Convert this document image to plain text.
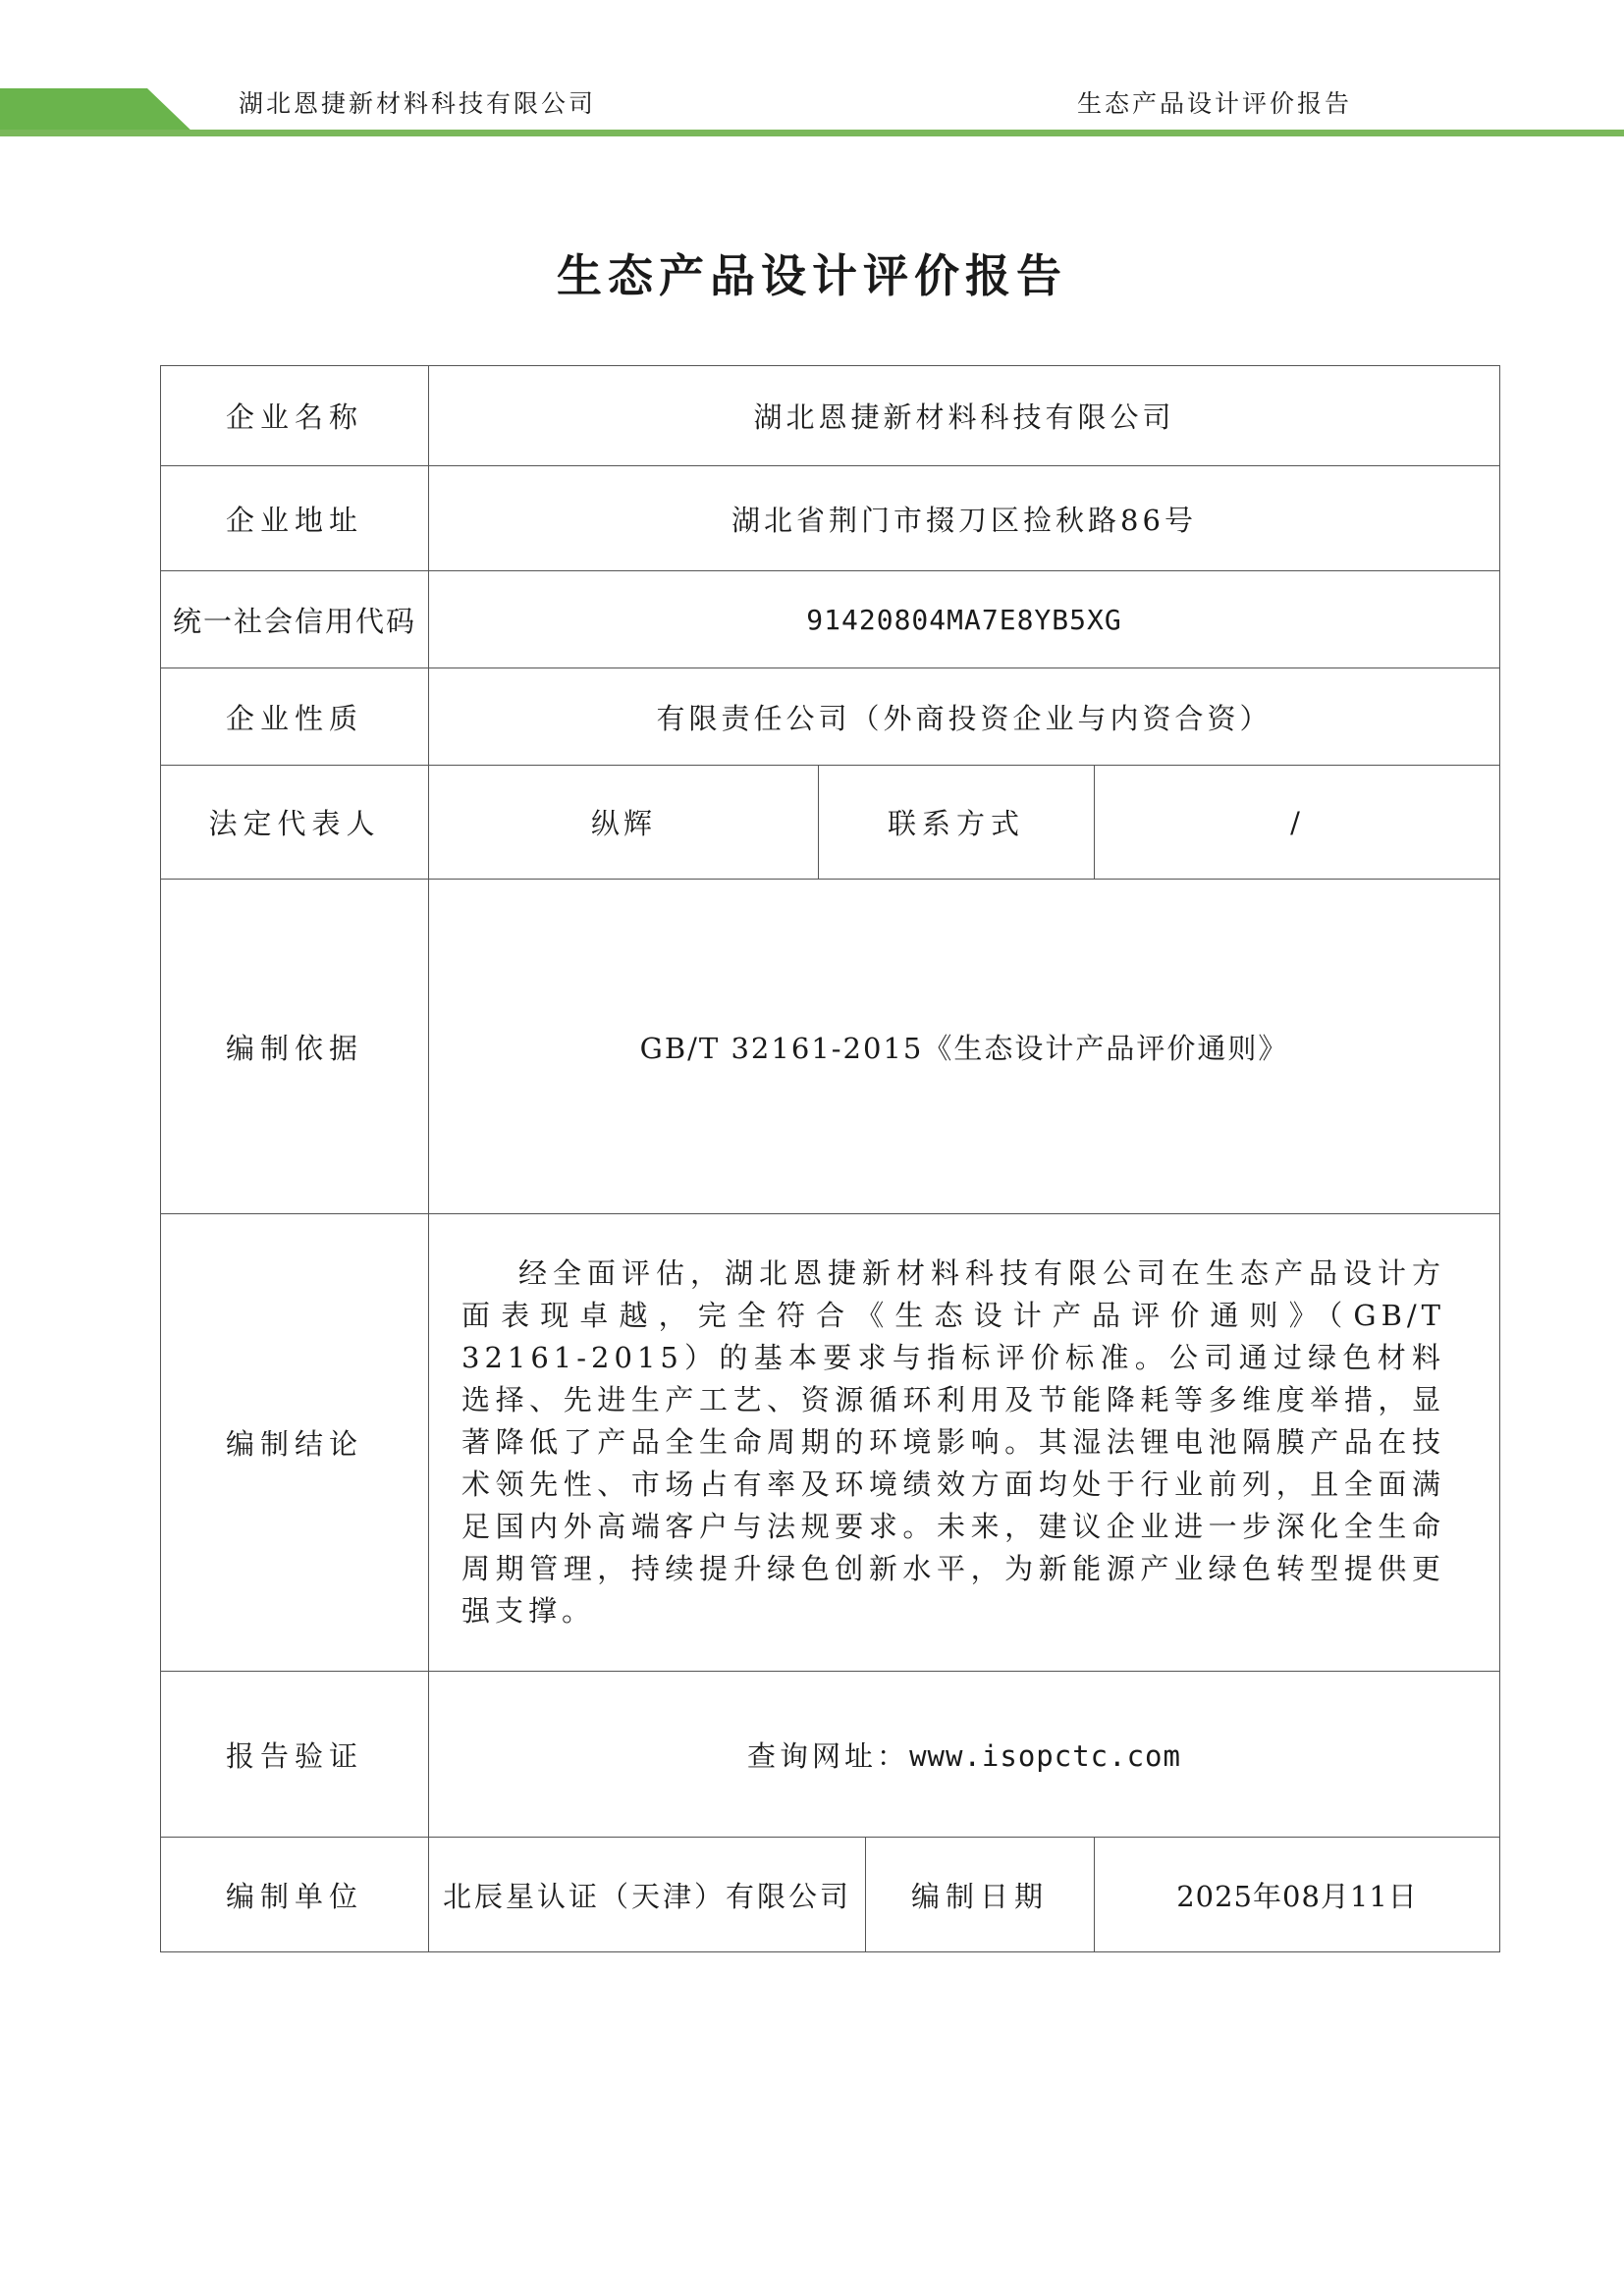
湖北恩捷新材料科技有限公司	生态产品设计评价报告
生态产品设计评价报告
企业名称	湖北恩捷新材料科技有限公司			
企业地址	湖北省荆门市掇刀区捡秋路86号			
统一社会信用代码	91420804MA7E8YB5XG			
企业性质	有限责任公司（外商投资企业与内资合资）			
法定代表人	纵辉	联系方式		/
编制依据	GB/T 32161-2015《生态设计产品评价通则》			
编制结论	经全面评估，湖北恩捷新材料科技有限公司在生态产品设计方面表现卓越，完全符合《生态设计产品评价通则》（GB/T 32161-2015）的基本要求与指标评价标准。公司通过绿色材料选择、先进生产工艺、资源循环利用及节能降耗等多维度举措，显著降低了产品全生命周期的环境影响。其湿法锂电池隔膜产品在技术领先性、市场占有率及环境绩效方面均处于行业前列，且全面满足国内外高端客户与法规要求。未来，建议企业进一步深化全生命周期管理，持续提升绿色创新水平，为新能源产业绿色转型提供更强支撑。			

报告验证	查询网址：www.isopctc.com			
编制单位	北辰星认证（天津）有限公司		编制日期	2025年08月11日
